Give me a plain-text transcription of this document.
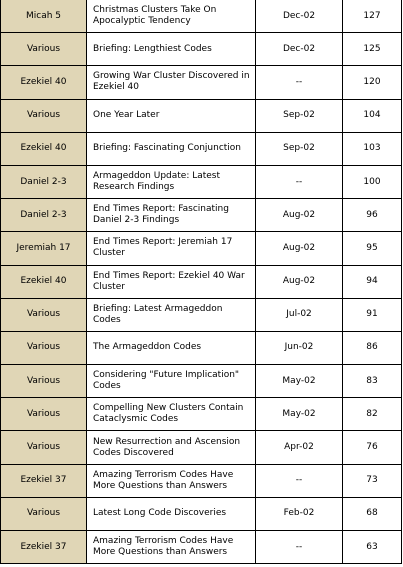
Micah 5	Christmas Clusters Take On Apocalyptic Tendency	Dec-02	127
Various	Briefing: Lengthiest Codes	Dec-02	125
Ezekiel 40	Growing War Cluster Discovered in Ezekiel 40	--	120
Various	One Year Later	Sep-02	104
Ezekiel 40	Briefing: Fascinating Conjunction	Sep-02	103
Daniel 2-3	Armageddon Update: Latest Research Findings	--	100
Daniel 2-3	End Times Report: Fascinating Daniel 2-3 Findings	Aug-02	96
Jeremiah 17	End Times Report: Jeremiah 17 Cluster	Aug-02	95
Ezekiel 40	End Times Report: Ezekiel 40 War Cluster	Aug-02	94
Various	Briefing: Latest Armageddon Codes	Jul-02	91
Various	The Armageddon Codes	Jun-02	86
Various	Considering "Future Implication" Codes	May-02	83
Various	Compelling New Clusters Contain Cataclysmic Codes	May-02	82
Various	New Resurrection and Ascension Codes Discovered	Apr-02	76
Ezekiel 37	Amazing Terrorism Codes Have More Questions than Answers	--	73
Various	Latest Long Code Discoveries	Feb-02	68
Ezekiel 37	Amazing Terrorism Codes Have More Questions than Answers	--	63
